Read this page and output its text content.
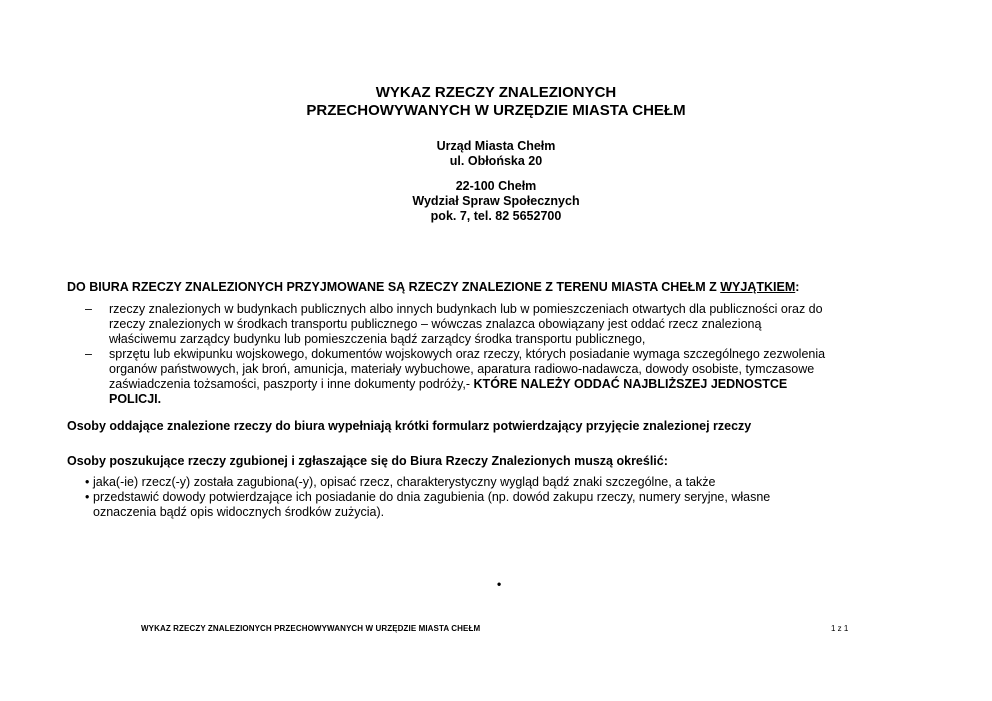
WYKAZ RZECZY ZNALEZIONYCH
PRZECHOWYWANYCH W URZĘDZIE MIASTA CHEŁM
Urząd Miasta Chełm
ul. Obłońska 20
22-100 Chełm
Wydział Spraw Społecznych
pok. 7, tel. 82 5652700
DO BIURA RZECZY ZNALEZIONYCH PRZYJMOWANE SĄ RZECZY ZNALEZIONE Z TERENU MIASTA CHEŁM Z WYJĄTKIEM:
– rzeczy znalezionych w budynkach publicznych albo innych budynkach lub w pomieszczeniach otwartych dla publiczności oraz do
rzeczy znalezionych w środkach transportu publicznego – wówczas znalazca obowiązany jest oddać rzecz znalezioną
właściwemu zarządcy budynku lub pomieszczenia bądź zarządcy środka transportu publicznego,
– sprzętu lub ekwipunku wojskowego, dokumentów wojskowych oraz rzeczy, których posiadanie wymaga szczególnego zezwolenia
organów państwowych, jak broń, amunicja, materiały wybuchowe, aparatura radiowo-nadawcza, dowody osobiste, tymczasowe
zaświadczenia tożsamości, paszporty i inne dokumenty podróży,- KTÓRE NALEŻY ODDAĆ NAJBLIŻSZEJ JEDNOSTCE
POLICJI.
Osoby oddające znalezione rzeczy do biura wypełniają krótki formularz potwierdzający przyjęcie znalezionej rzeczy
Osoby poszukujące rzeczy zgubionej i zgłaszające się do Biura Rzeczy Znalezionych muszą określić:
• jaka(-ie) rzecz(-y) została zagubiona(-y), opisać rzecz, charakterystyczny wygląd bądź znaki szczególne, a także
• przedstawić dowody potwierdzające ich posiadanie do dnia zagubienia (np. dowód zakupu rzeczy, numery seryjne, własne
oznaczenia bądź opis widocznych środków zużycia).
•
WYKAZ RZECZY ZNALEZIONYCH PRZECHOWYWANYCH W URZĘDZIE MIASTA CHEŁM	1 z 1
